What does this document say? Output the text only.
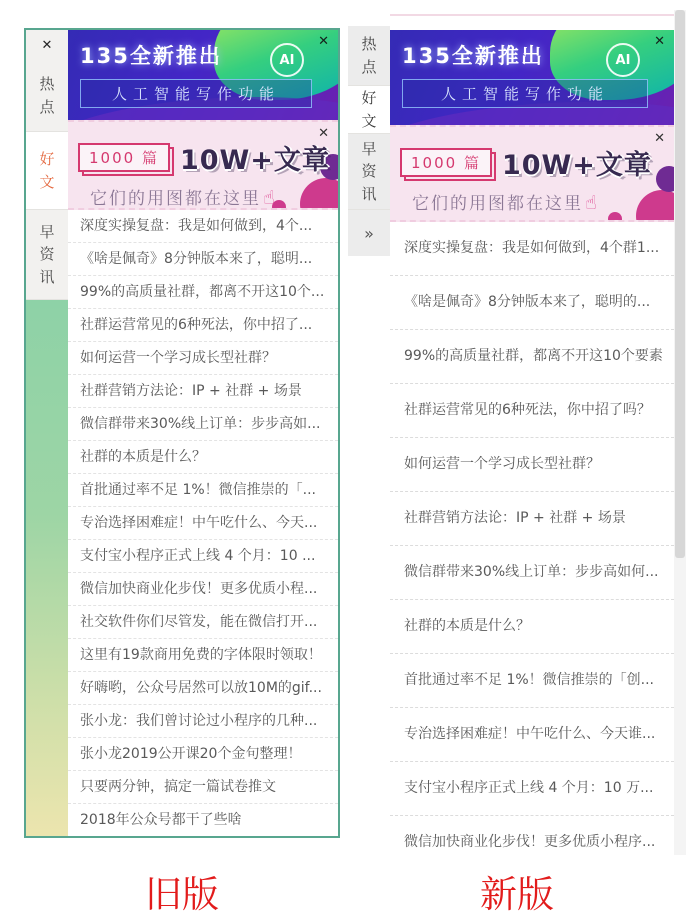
✕
热点
好文
早资讯
AI
✕
135全新推出
人工智能写作功能
✕
1000 篇 10W+文章
它们的用图都在这里 ☝
深度实操复盘：我是如何做到，4个...
《啥是佩奇》8分钟版本来了，聪明...
99%的高质量社群，都离不开这10个...
社群运营常见的6种死法，你中招了...
如何运营一个学习成长型社群？
社群营销方法论：IP + 社群 + 场景
微信群带来30%线上订单：步步高如...
社群的本质是什么？
首批通过率不足 1%！微信推崇的「...
专治选择困难症！中午吃什么、今天...
支付宝小程序正式上线 4 个月：10 ...
微信加快商业化步伐！更多优质小程...
社交软件你们尽管发，能在微信打开...
这里有19款商用免费的字体限时领取！
好嗨哟，公众号居然可以放10M的gif...
张小龙：我们曾讨论过小程序的几种...
张小龙2019公开课20个金句整理！
只要两分钟，搞定一篇试卷推文
2018年公众号都干了些啥
热点
好文
早资讯
»
AI
✕
135全新推出
人工智能写作功能
✕
1000 篇 10W+文章
它们的用图都在这里 ☝
深度实操复盘：我是如何做到，4个群1...
《啥是佩奇》8分钟版本来了，聪明的...
99%的高质量社群，都离不开这10个要素
社群运营常见的6种死法，你中招了吗？
如何运营一个学习成长型社群？
社群营销方法论：IP + 社群 + 场景
微信群带来30%线上订单：步步高如何...
社群的本质是什么？
首批通过率不足 1%！微信推崇的「创...
专治选择困难症！中午吃什么、今天谁...
支付宝小程序正式上线 4 个月：10 万...
微信加快商业化步伐！更多优质小程序...
旧版	新版
